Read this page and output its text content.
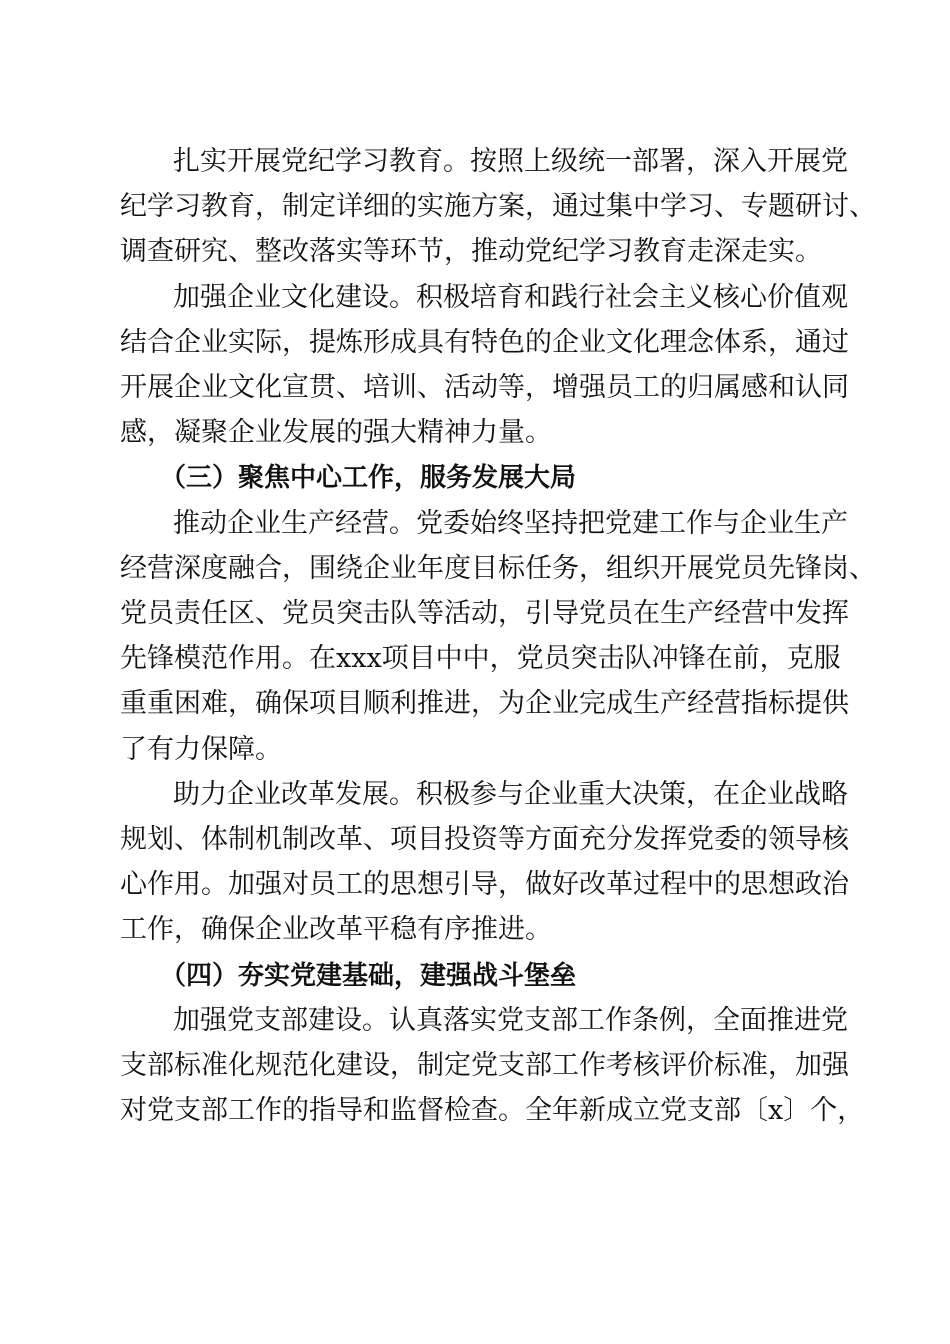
扎实开展党纪学习教育。按照上级统一部署，深入开展党

纪学习教育，制定详细的实施方案，通过集中学习、专题研讨、

调查研究、整改落实等环节，推动党纪学习教育走深走实。

加强企业文化建设。积极培育和践行社会主义核心价值观

结合企业实际，提炼形成具有特色的企业文化理念体系，通过

开展企业文化宣贯、培训、活动等，增强员工的归属感和认同

感，凝聚企业发展的强大精神力量。

（三）聚焦中心工作，服务发展大局

推动企业生产经营。党委始终坚持把党建工作与企业生产

经营深度融合，围绕企业年度目标任务，组织开展党员先锋岗、

党员责任区、党员突击队等活动，引导党员在生产经营中发挥

先锋模范作用。在xxx项目中中，党员突击队冲锋在前，克服

重重困难，确保项目顺利推进，为企业完成生产经营指标提供

了有力保障。

助力企业改革发展。积极参与企业重大决策，在企业战略

规划、体制机制改革、项目投资等方面充分发挥党委的领导核

心作用。加强对员工的思想引导，做好改革过程中的思想政治

工作，确保企业改革平稳有序推进。

（四）夯实党建基础，建强战斗堡垒

加强党支部建设。认真落实党支部工作条例，全面推进党

支部标准化规范化建设，制定党支部工作考核评价标准，加强

对党支部工作的指导和监督检查。全年新成立党支部〔x〕个，
